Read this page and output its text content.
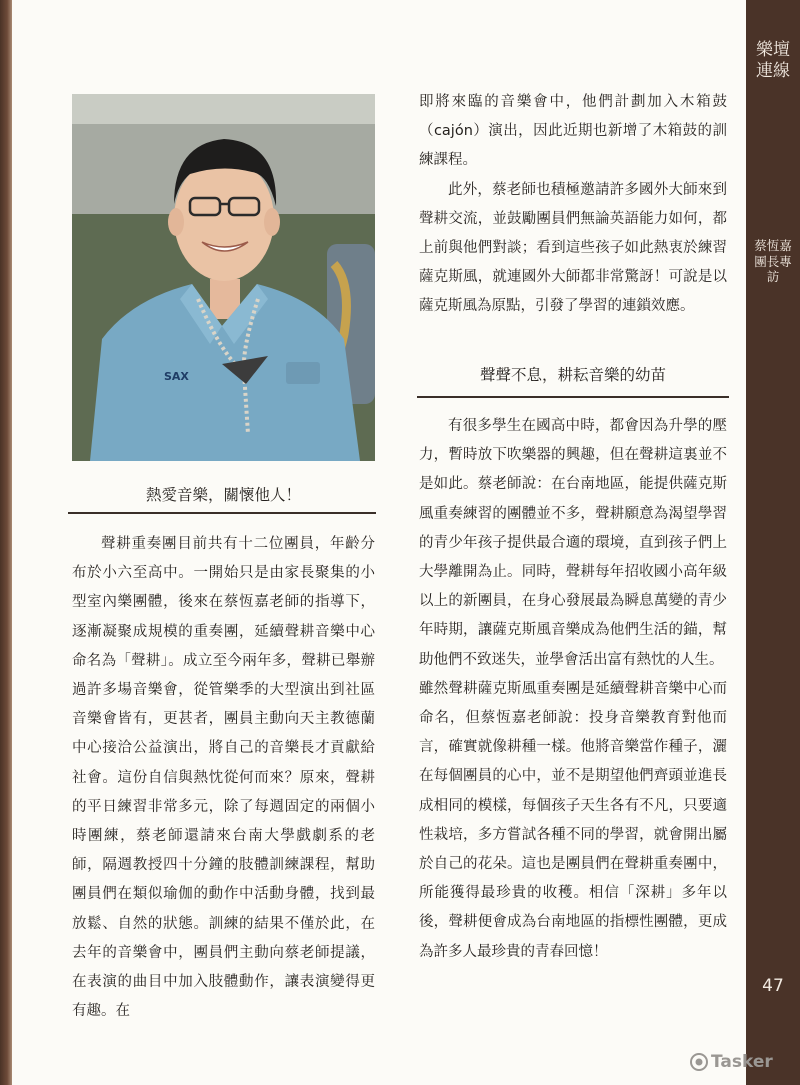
樂壇連線
蔡恆嘉團長專訪
47
SAX
熱愛音樂，關懷他人！

聲耕重奏團目前共有十二位團員，年齡分布於小六至高中。一開始只是由家長聚集的小型室內樂團體，後來在蔡恆嘉老師的指導下，逐漸凝聚成規模的重奏團，延續聲耕音樂中心命名為「聲耕」。成立至今兩年多，聲耕已舉辦過許多場音樂會，從管樂季的大型演出到社區音樂會皆有，更甚者，團員主動向天主教德蘭中心接洽公益演出，將自己的音樂長才貢獻給社會。這份自信與熱忱從何而來？原來，聲耕的平日練習非常多元，除了每週固定的兩個小時團練，蔡老師還請來台南大學戲劇系的老師，隔週教授四十分鐘的肢體訓練課程，幫助團員們在類似瑜伽的動作中活動身體，找到最放鬆、自然的狀態。訓練的結果不僅於此，在去年的音樂會中，團員們主動向蔡老師提議，在表演的曲目中加入肢體動作，讓表演變得更有趣。在

即將來臨的音樂會中，他們計劃加入木箱鼓（cajón）演出，因此近期也新增了木箱鼓的訓練課程。

此外，蔡老師也積極邀請許多國外大師來到聲耕交流，並鼓勵團員們無論英語能力如何，都上前與他們對談；看到這些孩子如此熱衷於練習薩克斯風，就連國外大師都非常驚訝！可說是以薩克斯風為原點，引發了學習的連鎖效應。

聲聲不息，耕耘音樂的幼苗

有很多學生在國高中時，都會因為升學的壓力，暫時放下吹樂器的興趣，但在聲耕這裏並不是如此。蔡老師說：在台南地區，能提供薩克斯風重奏練習的團體並不多，聲耕願意為渴望學習的青少年孩子提供最合適的環境，直到孩子們上大學離開為止。同時，聲耕每年招收國小高年級以上的新團員，在身心發展最為瞬息萬變的青少年時期，讓薩克斯風音樂成為他們生活的錨，幫助他們不致迷失，並學會活出富有熱忱的人生。

雖然聲耕薩克斯風重奏團是延續聲耕音樂中心而命名，但蔡恆嘉老師說：投身音樂教育對他而言，確實就像耕種一樣。他將音樂當作種子，灑在每個團員的心中，並不是期望他們齊頭並進長成相同的模樣，每個孩子天生各有不凡，只要適性栽培，多方嘗試各種不同的學習，就會開出屬於自己的花朵。這也是團員們在聲耕重奏團中，所能獲得最珍貴的收穫。相信「深耕」多年以後，聲耕便會成為台南地區的指標性團體，更成為許多人最珍貴的青春回憶！

Tasker
